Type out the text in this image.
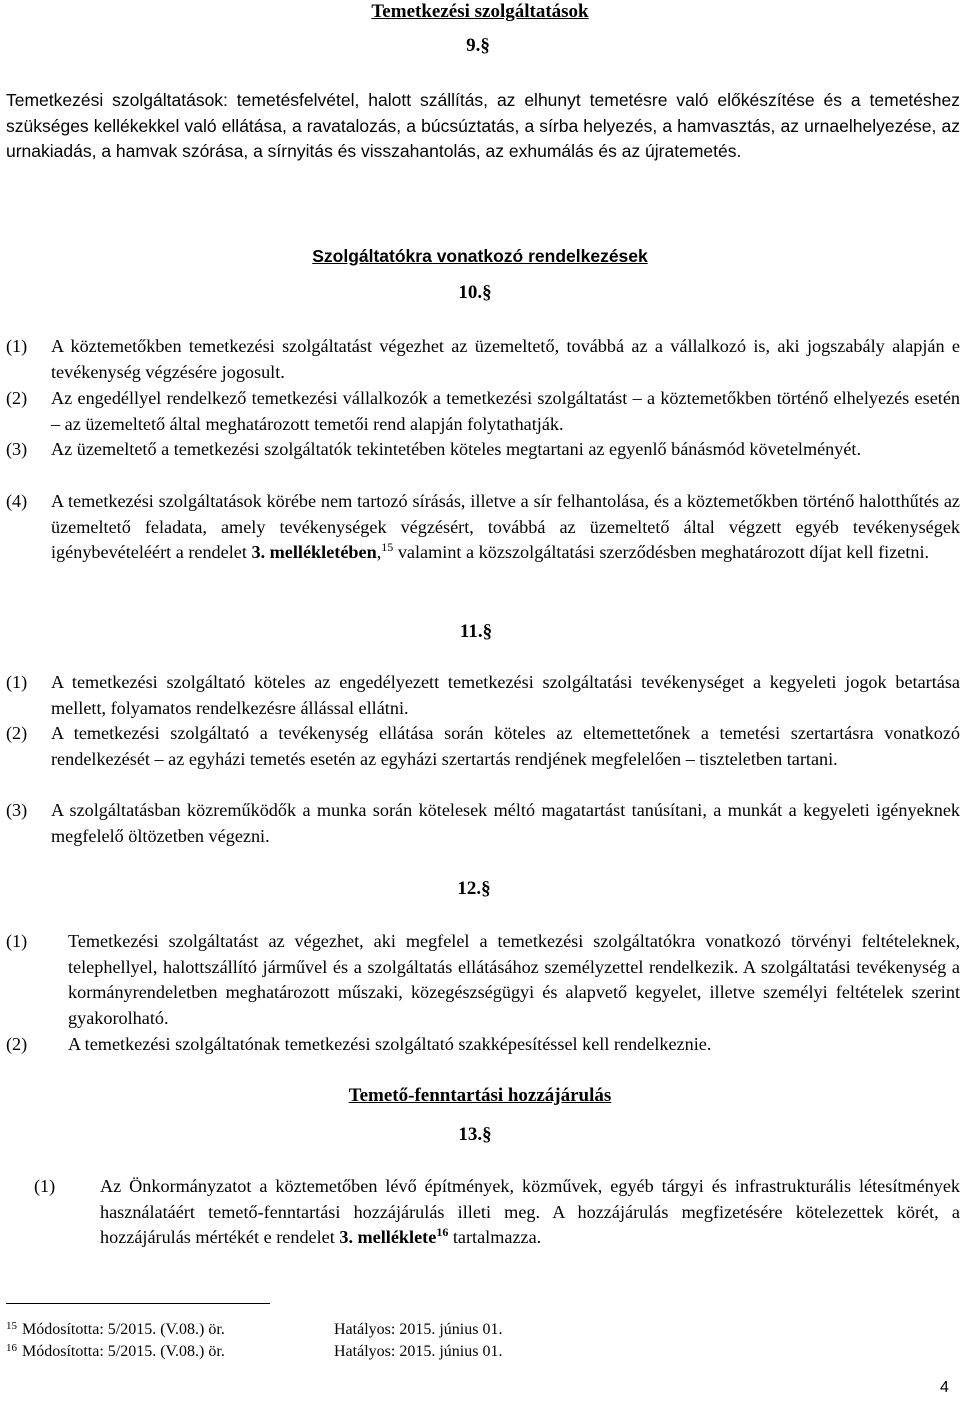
Temetkezési szolgáltatások
9.§
Temetkezési szolgáltatások: temetésfelvétel, halott szállítás, az elhunyt temetésre való előkészítése és a temetéshez szükséges kellékekkel való ellátása, a ravatalozás, a búcsúztatás, a sírba helyezés, a hamvasztás, az urnaelhelyezése, az urnakiadás, a hamvak szórása, a sírnyitás és visszahantolás, az exhumálás és az újratemetés.
Szolgáltatókra vonatkozó rendelkezések
10.§
(1) A köztemetőkben temetkezési szolgáltatást végezhet az üzemeltető, továbbá az a vállalkozó is, aki jogszabály alapján e tevékenység végzésére jogosult.
(2) Az engedéllyel rendelkező temetkezési vállalkozók a temetkezési szolgáltatást – a köztemetőkben történő elhelyezés esetén – az üzemeltető által meghatározott temetői rend alapján folytathatják.
(3) Az üzemeltető a temetkezési szolgáltatók tekintetében köteles megtartani az egyenlő bánásmód követelményét.
(4) A temetkezési szolgáltatások körébe nem tartozó sírásás, illetve a sír felhantolása, és a köztemetőkben történő halotthűtés az üzemeltető feladata, amely tevékenységek végzésért, továbbá az üzemeltető által végzett egyéb tevékenységek igénybevételéért a rendelet 3. mellékletében,$^{15}$ valamint a közszolgáltatási szerződésben meghatározott díjat kell fizetni.
11.§
(1) A temetkezési szolgáltató köteles az engedélyezett temetkezési szolgáltatási tevékenységet a kegyeleti jogok betartása mellett, folyamatos rendelkezésre állással ellátni.
(2) A temetkezési szolgáltató a tevékenység ellátása során köteles az eltemettetőnek a temetési szertartásra vonatkozó rendelkezését – az egyházi temetés esetén az egyházi szertartás rendjének megfelelően – tiszteletben tartani.
(3) A szolgáltatásban közreműködők a munka során kötelesek méltó magatartást tanúsítani, a munkát a kegyeleti igényeknek megfelelő öltözetben végezni.
12.§
(1) Temetkezési szolgáltatást az végezhet, aki megfelel a temetkezési szolgáltatókra vonatkozó törvényi feltételeknek, telephellyel, halottszállító járművel és a szolgáltatás ellátásához személyzettel rendelkezik. A szolgáltatási tevékenység a kormányrendeletben meghatározott műszaki, közegészségügyi és alapvető kegyelet, illetve személyi feltételek szerint gyakorolható.
(2) A temetkezési szolgáltatónak temetkezési szolgáltató szakképesítéssel kell rendelkeznie.
Temető-fenntartási hozzájárulás
13.§
(1) Az Önkormányzatot a köztemetőben lévő építmények, közművek, egyéb tárgyi és infrastrukturális létesítmények használatáért temető-fenntartási hozzájárulás illeti meg. A hozzájárulás megfizetésére kötelezettek körét, a hozzájárulás mértékét e rendelet 3. melléklete$^{16}$ tartalmazza.
15 Módosította: 5/2015. (V.08.) ör.	Hatályos: 2015. június 01.
16 Módosította: 5/2015. (V.08.) ör.	Hatályos: 2015. június 01.
4
